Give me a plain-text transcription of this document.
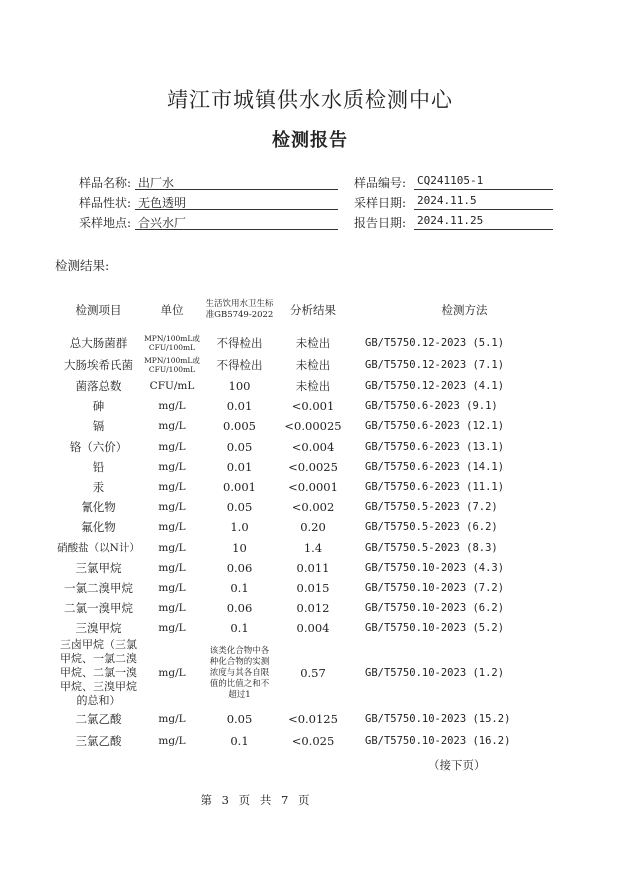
靖江市城镇供水水质检测中心
检测报告
样品名称: 出厂水
样品性状: 无色透明
采样地点: 合兴水厂
样品编号: CQ241105-1
采样日期: 2024.11.5
报告日期: 2024.11.25
检测结果:
检测项目	单位	生活饮用水卫生标准GB5749-2022	分析结果	检测方法
总大肠菌群	MPN/100mL或CFU/100mL	不得检出	未检出	GB/T5750.12-2023 (5.1)
大肠埃希氏菌	MPN/100mL或CFU/100mL	不得检出	未检出	GB/T5750.12-2023 (7.1)
菌落总数	CFU/mL	100	未检出	GB/T5750.12-2023 (4.1)
砷	mg/L	0.01	<0.001	GB/T5750.6-2023 (9.1)
镉	mg/L	0.005	<0.00025	GB/T5750.6-2023 (12.1)
铬（六价）	mg/L	0.05	<0.004	GB/T5750.6-2023 (13.1)
铅	mg/L	0.01	<0.0025	GB/T5750.6-2023 (14.1)
汞	mg/L	0.001	<0.0001	GB/T5750.6-2023 (11.1)
氰化物	mg/L	0.05	<0.002	GB/T5750.5-2023 (7.2)
氟化物	mg/L	1.0	0.20	GB/T5750.5-2023 (6.2)
硝酸盐（以N计）	mg/L	10	1.4	GB/T5750.5-2023 (8.3)
三氯甲烷	mg/L	0.06	0.011	GB/T5750.10-2023 (4.3)
一氯二溴甲烷	mg/L	0.1	0.015	GB/T5750.10-2023 (7.2)
二氯一溴甲烷	mg/L	0.06	0.012	GB/T5750.10-2023 (6.2)
三溴甲烷	mg/L	0.1	0.004	GB/T5750.10-2023 (5.2)

三卤甲烷（三氯甲烷、一氯二溴甲烷、二氯一溴甲烷、三溴甲烷的总和）	mg/L	该类化合物中各种化合物的实测浓度与其各自限值的比值之和不超过1	0.57	GB/T5750.10-2023 (1.2)
二氯乙酸	mg/L	0.05	<0.0125	GB/T5750.10-2023 (15.2)
三氯乙酸	mg/L	0.1	<0.025	GB/T5750.10-2023 (16.2)
（接下页）
第 3 页 共 7 页
